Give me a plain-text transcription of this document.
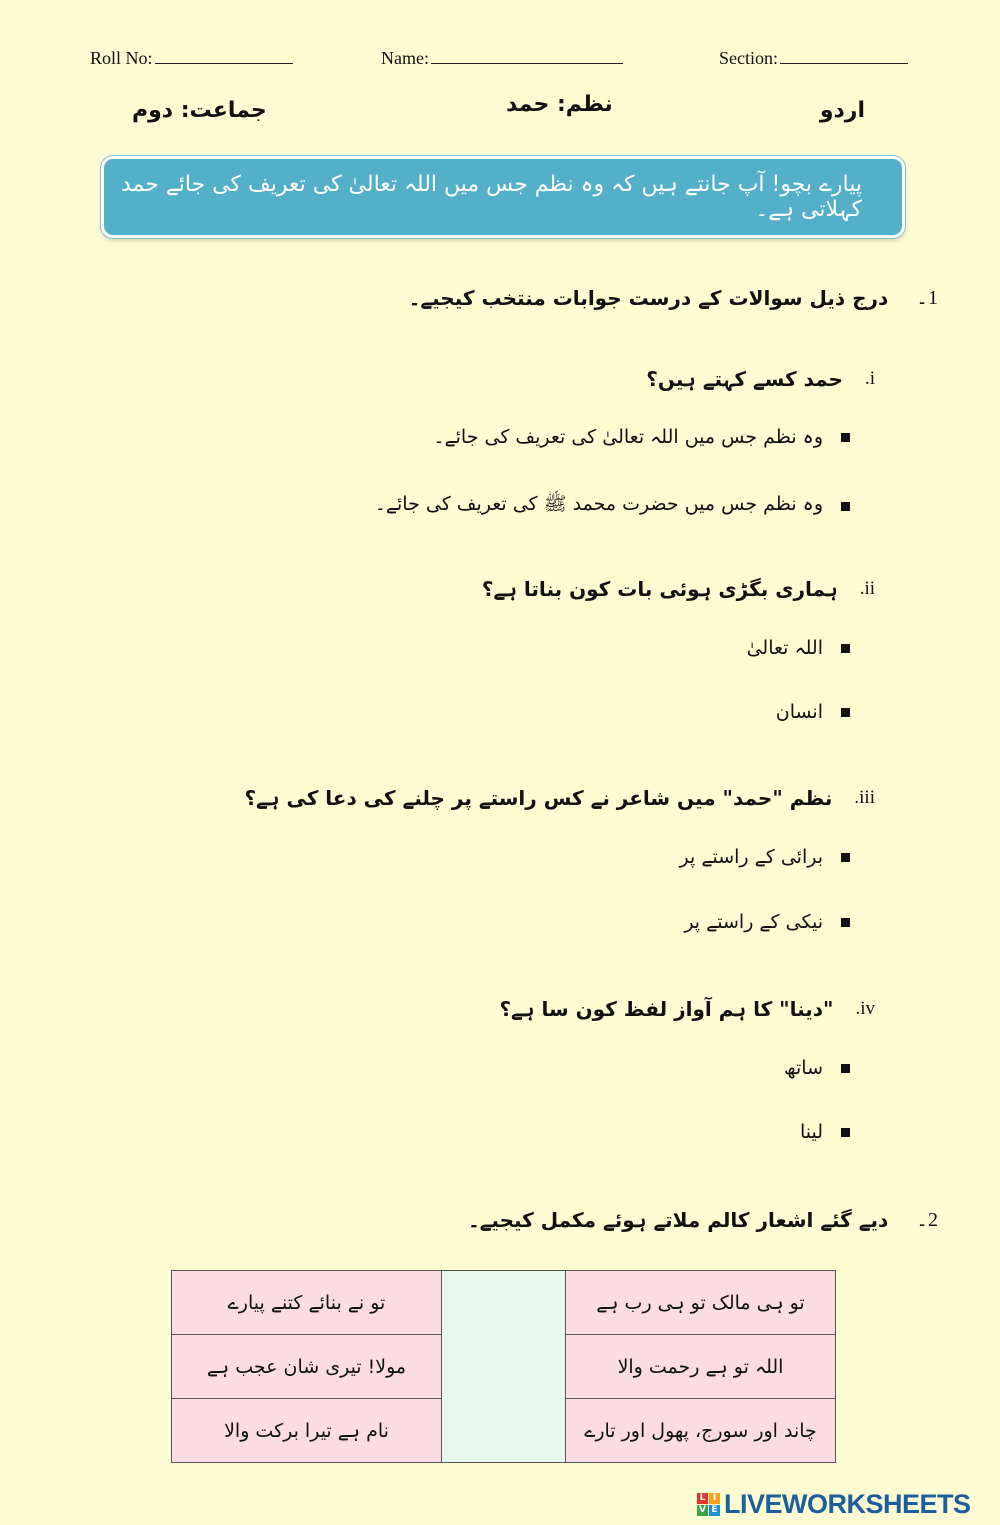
Roll No:	Name:	Section:
جماعت: دوم	نظم: حمد	اردو
پیارے بچو! آپ جانتے ہیں کہ وہ نظم جس میں اللہ تعالیٰ کی تعریف کی جائے حمد کہلاتی ہے۔
1۔
درج ذیل سوالات کے درست جوابات منتخب کیجیے۔
i.
حمد کسے کہتے ہیں؟
وہ نظم جس میں اللہ تعالیٰ کی تعریف کی جائے۔
وہ نظم جس میں حضرت محمد ﷺ کی تعریف کی جائے۔
ii.
ہماری بگڑی ہوئی بات کون بناتا ہے؟
اللہ تعالیٰ
انسان
iii.
نظم "حمد" میں شاعر نے کس راستے پر چلنے کی دعا کی ہے؟
برائی کے راستے پر
نیکی کے راستے پر
iv.
"دینا" کا ہم آواز لفظ کون سا ہے؟
ساتھ
لینا
2۔
دیے گئے اشعار کالم ملاتے ہوئے مکمل کیجیے۔
تو نے بنائے کتنے پیارے		تو ہی مالک تو ہی رب ہے
مولا! تیری شان عجب ہے		اللہ تو ہے رحمت والا
نام ہے تیرا برکت والا		چاند اور سورج، پھول اور تارے
L I
V E LIVEWORKSHEETS
